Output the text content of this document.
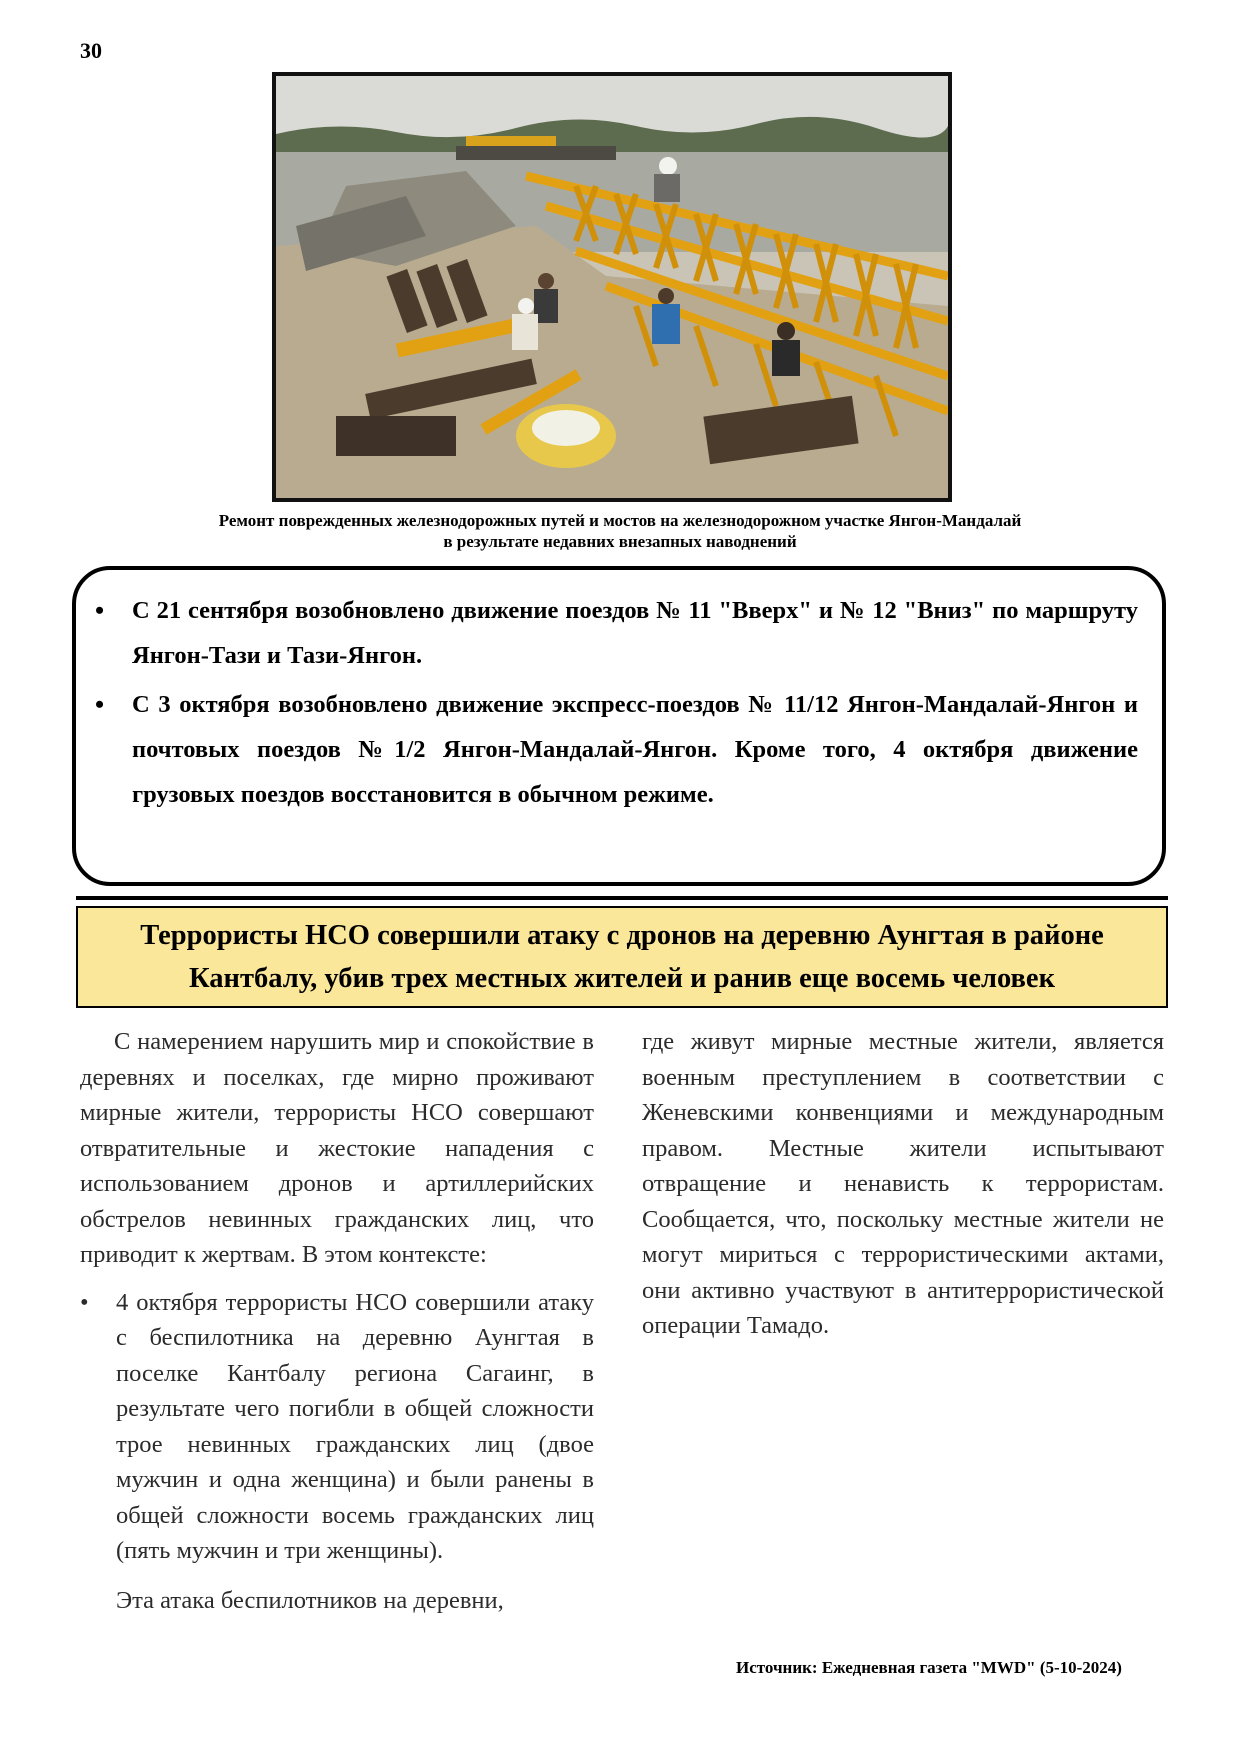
30
Ремонт поврежденных железнодорожных путей и мостов на железнодорожном участке Янгон-Мандалай
в результате недавних внезапных наводнений
• С 21 сентября возобновлено движение поездов № 11 "Вверх" и № 12 "Вниз" по маршруту Янгон-Тази и Тази-Янгон.
• С 3 октября возобновлено движение экспресс-поездов № 11/12 Янгон-Мандалай-Янгон и почтовых поездов №1/2 Янгон-Мандалай-Янгон. Кроме того, 4 октября движение грузовых поездов восстановится в обычном режиме.
Террористы НСО совершили атаку с дронов на деревню Аунгтая в районе Кантбалу, убив трех местных жителей и ранив еще восемь человек

С намерением нарушить мир и спокойствие в деревнях и поселках, где мирно проживают мирные жители, террористы НСО совершают отвратительные и жестокие нападения с использованием дронов и артиллерийских обстрелов невинных гражданских лиц, что приводит к жертвам. В этом контексте:

• 4 октября террористы НСО совершили атаку с беспилотника на деревню Аунгтая в поселке Кантбалу региона Сагаинг, в результате чего погибли в общей сложности трое невинных гражданских лиц (двое мужчин и одна женщина) и были ранены в общей сложности восемь гражданских лиц (пять мужчин и три женщины).

Эта атака беспилотников на деревни,

где живут мирные местные жители, является военным преступлением в соответствии с Женевскими конвенциями и международным правом. Местные жители испытывают отвращение и ненависть к террористам. Сообщается, что, поскольку местные жители не могут мириться с террористическими актами, они активно участвуют в антитеррористической операции Тамадо.

Источник: Ежедневная газета "MWD" (5-10-2024)
